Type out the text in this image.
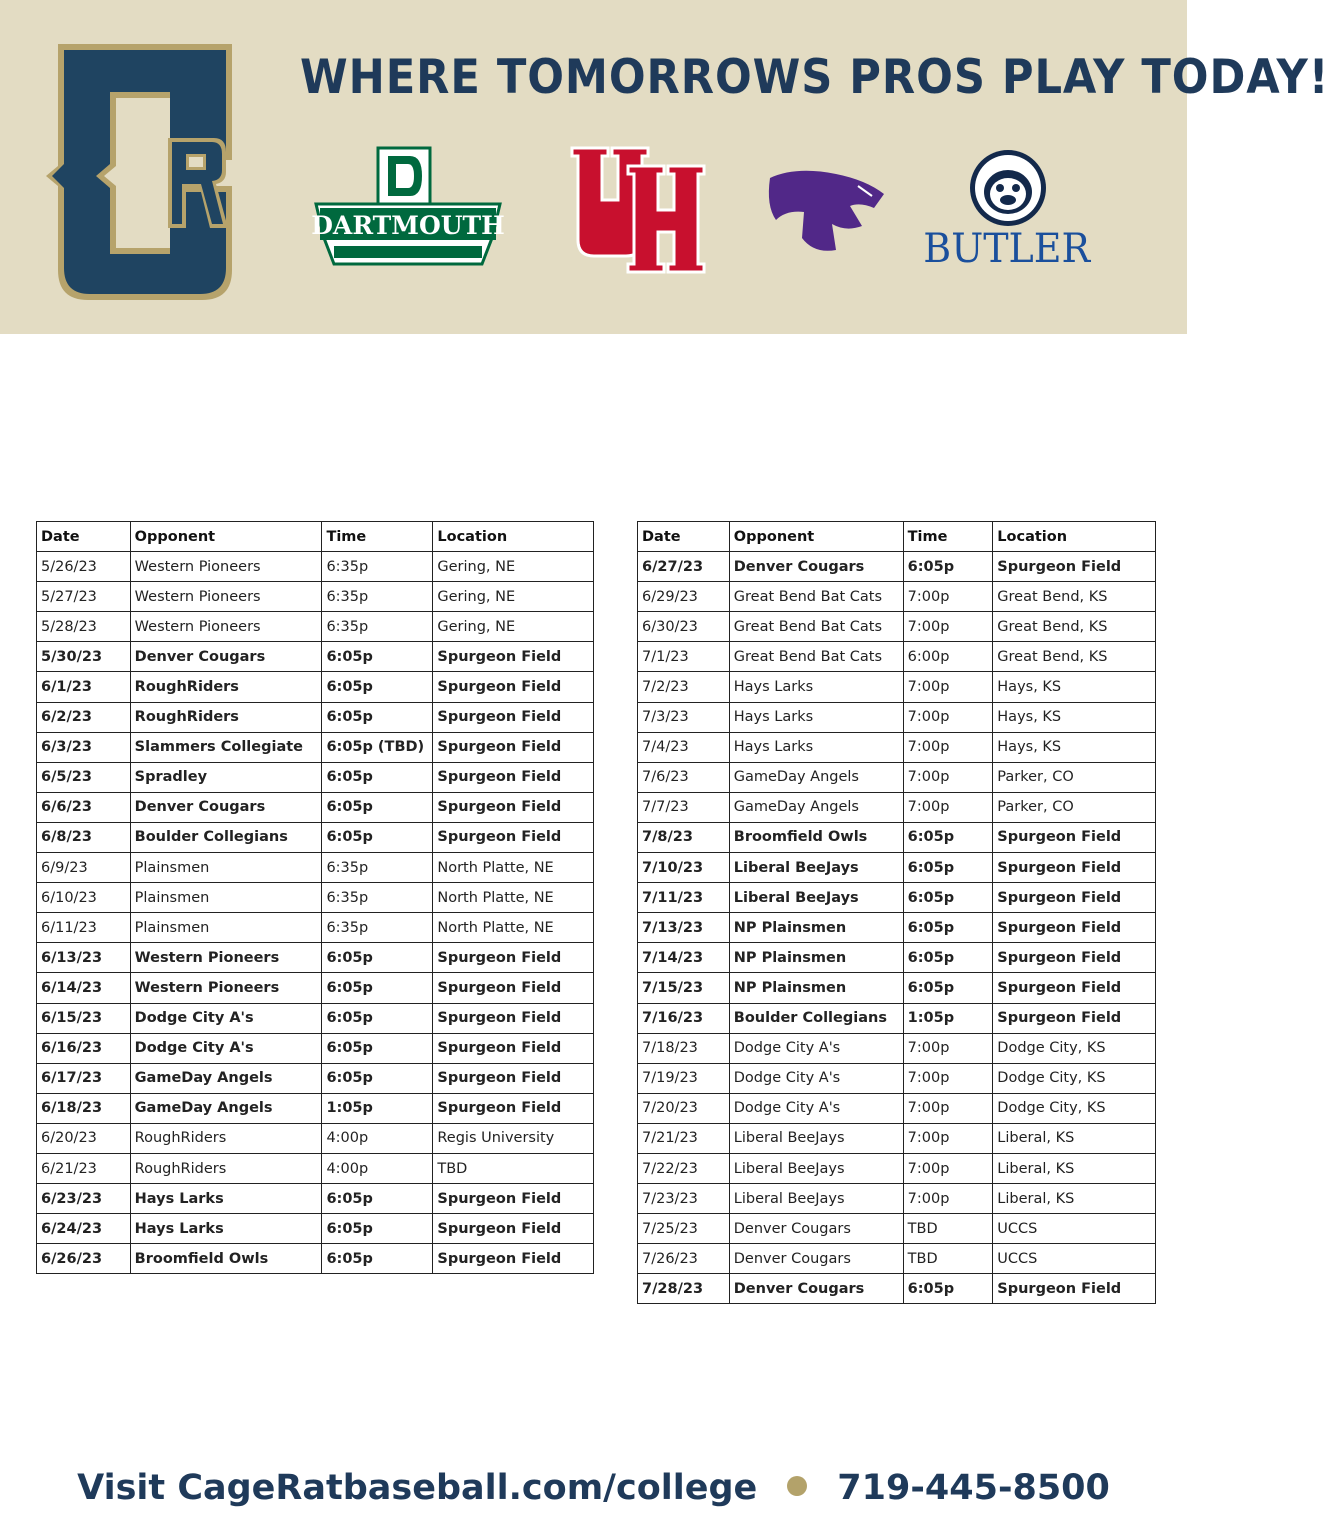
WHERE TOMORROWS PROS PLAY TODAY!
DARTMOUTH
BUTLER
Date	Opponent	Time	Location
5/26/23	Western Pioneers	6:35p	Gering, NE
5/27/23	Western Pioneers	6:35p	Gering, NE
5/28/23	Western Pioneers	6:35p	Gering, NE
5/30/23	Denver Cougars	6:05p	Spurgeon Field
6/1/23	RoughRiders	6:05p	Spurgeon Field
6/2/23	RoughRiders	6:05p	Spurgeon Field
6/3/23	Slammers Collegiate	6:05p (TBD)	Spurgeon Field
6/5/23	Spradley	6:05p	Spurgeon Field
6/6/23	Denver Cougars	6:05p	Spurgeon Field
6/8/23	Boulder Collegians	6:05p	Spurgeon Field
6/9/23	Plainsmen	6:35p	North Platte, NE
6/10/23	Plainsmen	6:35p	North Platte, NE
6/11/23	Plainsmen	6:35p	North Platte, NE
6/13/23	Western Pioneers	6:05p	Spurgeon Field
6/14/23	Western Pioneers	6:05p	Spurgeon Field
6/15/23	Dodge City A's	6:05p	Spurgeon Field
6/16/23	Dodge City A's	6:05p	Spurgeon Field
6/17/23	GameDay Angels	6:05p	Spurgeon Field
6/18/23	GameDay Angels	1:05p	Spurgeon Field
6/20/23	RoughRiders	4:00p	Regis University
6/21/23	RoughRiders	4:00p	TBD
6/23/23	Hays Larks	6:05p	Spurgeon Field
6/24/23	Hays Larks	6:05p	Spurgeon Field
6/26/23	Broomfield Owls	6:05p	Spurgeon Field
Date	Opponent	Time	Location
6/27/23	Denver Cougars	6:05p	Spurgeon Field
6/29/23	Great Bend Bat Cats	7:00p	Great Bend, KS
6/30/23	Great Bend Bat Cats	7:00p	Great Bend, KS
7/1/23	Great Bend Bat Cats	6:00p	Great Bend, KS
7/2/23	Hays Larks	7:00p	Hays, KS
7/3/23	Hays Larks	7:00p	Hays, KS
7/4/23	Hays Larks	7:00p	Hays, KS
7/6/23	GameDay Angels	7:00p	Parker, CO
7/7/23	GameDay Angels	7:00p	Parker, CO
7/8/23	Broomfield Owls	6:05p	Spurgeon Field
7/10/23	Liberal BeeJays	6:05p	Spurgeon Field
7/11/23	Liberal BeeJays	6:05p	Spurgeon Field
7/13/23	NP Plainsmen	6:05p	Spurgeon Field
7/14/23	NP Plainsmen	6:05p	Spurgeon Field
7/15/23	NP Plainsmen	6:05p	Spurgeon Field
7/16/23	Boulder Collegians	1:05p	Spurgeon Field
7/18/23	Dodge City A's	7:00p	Dodge City, KS
7/19/23	Dodge City A's	7:00p	Dodge City, KS
7/20/23	Dodge City A's	7:00p	Dodge City, KS
7/21/23	Liberal BeeJays	7:00p	Liberal, KS
7/22/23	Liberal BeeJays	7:00p	Liberal, KS
7/23/23	Liberal BeeJays	7:00p	Liberal, KS
7/25/23	Denver Cougars	TBD	UCCS
7/26/23	Denver Cougars	TBD	UCCS
7/28/23	Denver Cougars	6:05p	Spurgeon Field
Visit CageRatbaseball.com/college 719-445-8500
